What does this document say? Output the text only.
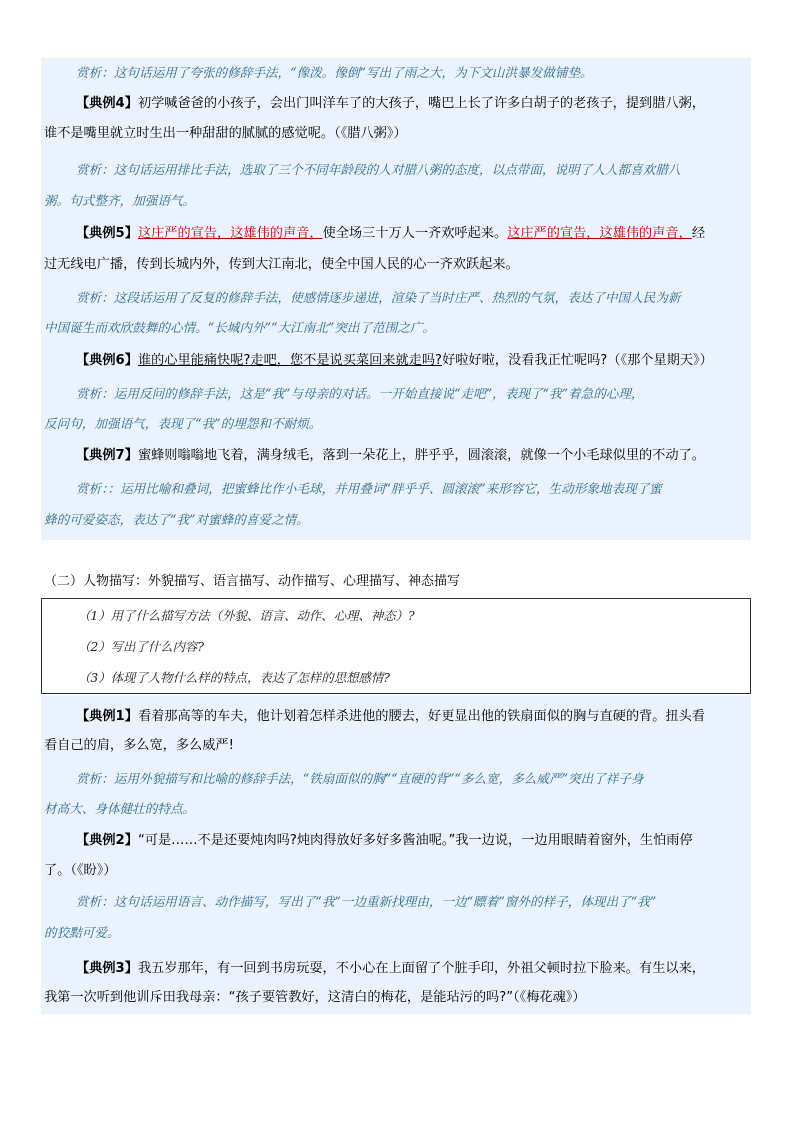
赏析：这句话运用了夸张的修辞手法，“像泼。像倒”写出了雨之大，为下文山洪暴发做铺垫。
【典例4】初学喊爸爸的小孩子，会出门叫洋车了的大孩子，嘴巴上长了许多白胡子的老孩子，提到腊八粥，
谁不是嘴里就立时生出一种甜甜的腻腻的感觉呢。（《腊八粥》）
赏析：这句话运用排比手法，选取了三个不同年龄段的人对腊八粥的态度，以点带面，说明了人人都喜欢腊八
粥。句式整齐，加强语气。
【典例5】这庄严的宣告，这雄伟的声音，使全场三十万人一齐欢呼起来。这庄严的宣告，这雄伟的声音，经
过无线电广播，传到长城内外，传到大江南北，使全中国人民的心一齐欢跃起来。
赏析：这段话运用了反复的修辞手法，使感情逐步递进，渲染了当时庄严、热烈的气氛，表达了中国人民为新
中国诞生而欢欣鼓舞的心情。“长城内外”“大江南北”突出了范围之广。
【典例6】谁的心里能痛快呢?走吧，您不是说买菜回来就走吗?好啦好啦，没看我正忙呢吗?（《那个星期天》）
赏析：运用反问的修辞手法，这是“我”与母亲的对话。一开始直接说“走吧”，表现了“我”着急的心理，
反问句，加强语气，表现了“我”的埋怨和不耐烦。
【典例7】蜜蜂则嗡嗡地飞着，满身绒毛，落到一朵花上，胖乎乎，圆滚滚，就像一个小毛球似里的不动了。
赏析：：运用比喻和叠词，把蜜蜂比作小毛球，并用叠词“胖乎乎、圆滚滚”来形容它，生动形象地表现了蜜
蜂的可爱姿态，表达了“我”对蜜蜂的喜爱之情。
（二）人物描写：外貌描写、语言描写、动作描写、心理描写、神态描写
（1）用了什么描写方法（外貌、语言、动作、心理、神态）?
（2）写出了什么内容?
（3）体现了人物什么样的特点，表达了怎样的思想感情?
【典例1】看着那高等的车夫，他计划着怎样杀进他的腰去，好更显出他的铁扇面似的胸与直硬的背。扭头看
看自己的肩，多么宽，多么威严!
赏析：运用外貌描写和比喻的修辞手法，“铁扇面似的胸”“直硬的背”“多么宽，多么威严”突出了祥子身
材高大、身体健壮的特点。
【典例2】“可是……不是还要炖肉吗?炖肉得放好多好多酱油呢。”我一边说，一边用眼睛着窗外，生怕雨停
了。（《盼》）
赏析：这句话运用语言、动作描写，写出了“我”一边重新找理由，一边“瞟着”窗外的样子，体现出了“我”
的狡黠可爱。
【典例3】我五岁那年，有一回到书房玩耍，不小心在上面留了个脏手印，外祖父顿时拉下脸来。有生以来，
我第一次听到他训斥田我母亲：“孩子要管教好，这清白的梅花，是能玷污的吗?”（《梅花魂》）
